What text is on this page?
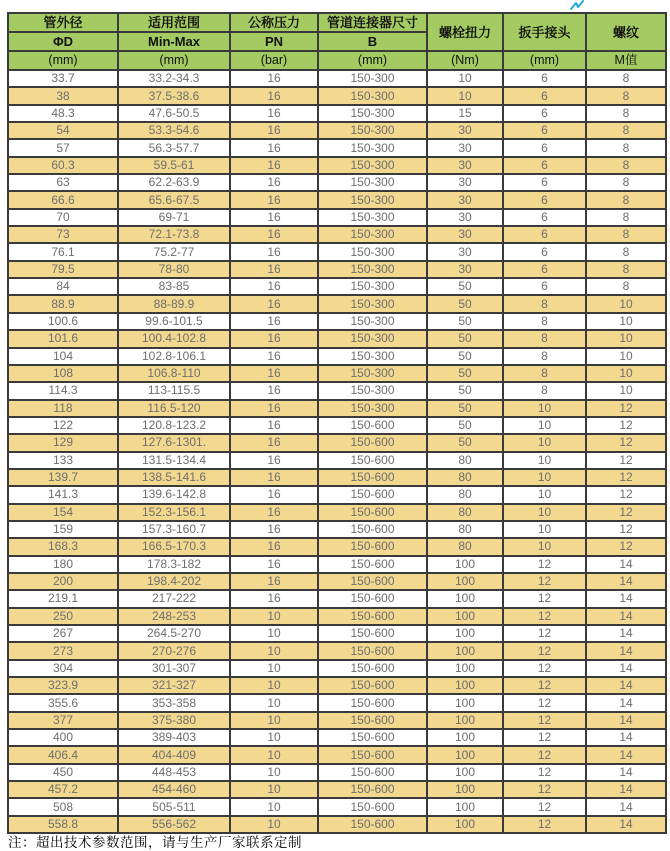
管外径	适用范围	公称压力	管道连接器尺寸	螺栓扭力	扳手接头	螺纹
ΦD	Min-Max	PN	B			
(mm)	(mm)	(bar)	(mm)	(Nm)	(mm)	M值
33.7	33.2-34.3	16	150-300	10	6	8
38	37.5-38.6	16	150-300	10	6	8
48.3	47.6-50.5	16	150-300	15	6	8
54	53.3-54.6	16	150-300	30	6	8
57	56.3-57.7	16	150-300	30	6	8
60.3	59.5-61	16	150-300	30	6	8
63	62.2-63.9	16	150-300	30	6	8
66.6	65.6-67.5	16	150-300	30	6	8
70	69-71	16	150-300	30	6	8
73	72.1-73.8	16	150-300	30	6	8
76.1	75.2-77	16	150-300	30	6	8
79.5	78-80	16	150-300	30	6	8
84	83-85	16	150-300	50	6	8
88.9	88-89.9	16	150-300	50	8	10
100.6	99.6-101.5	16	150-300	50	8	10
101.6	100.4-102.8	16	150-300	50	8	10
104	102.8-106.1	16	150-300	50	8	10
108	106.8-110	16	150-300	50	8	10
114.3	113-115.5	16	150-300	50	8	10
118	116.5-120	16	150-300	50	10	12
122	120.8-123.2	16	150-600	50	10	12
129	127.6-1301.	16	150-600	50	10	12
133	131.5-134.4	16	150-600	80	10	12
139.7	138.5-141.6	16	150-600	80	10	12
141.3	139.6-142.8	16	150-600	80	10	12
154	152.3-156.1	16	150-600	80	10	12
159	157.3-160.7	16	150-600	80	10	12
168.3	166.5-170.3	16	150-600	80	10	12
180	178.3-182	16	150-600	100	12	14
200	198.4-202	16	150-600	100	12	14
219.1	217-222	16	150-600	100	12	14
250	248-253	10	150-600	100	12	14
267	264.5-270	10	150-600	100	12	14
273	270-276	10	150-600	100	12	14
304	301-307	10	150-600	100	12	14
323.9	321-327	10	150-600	100	12	14
355.6	353-358	10	150-600	100	12	14
377	375-380	10	150-600	100	12	14
400	389-403	10	150-600	100	12	14
406.4	404-409	10	150-600	100	12	14
450	448-453	10	150-600	100	12	14
457.2	454-460	10	150-600	100	12	14
508	505-511	10	150-600	100	12	14
558.8	556-562	10	150-600	100	12	14
注：超出技术参数范围，请与生产厂家联系定制
